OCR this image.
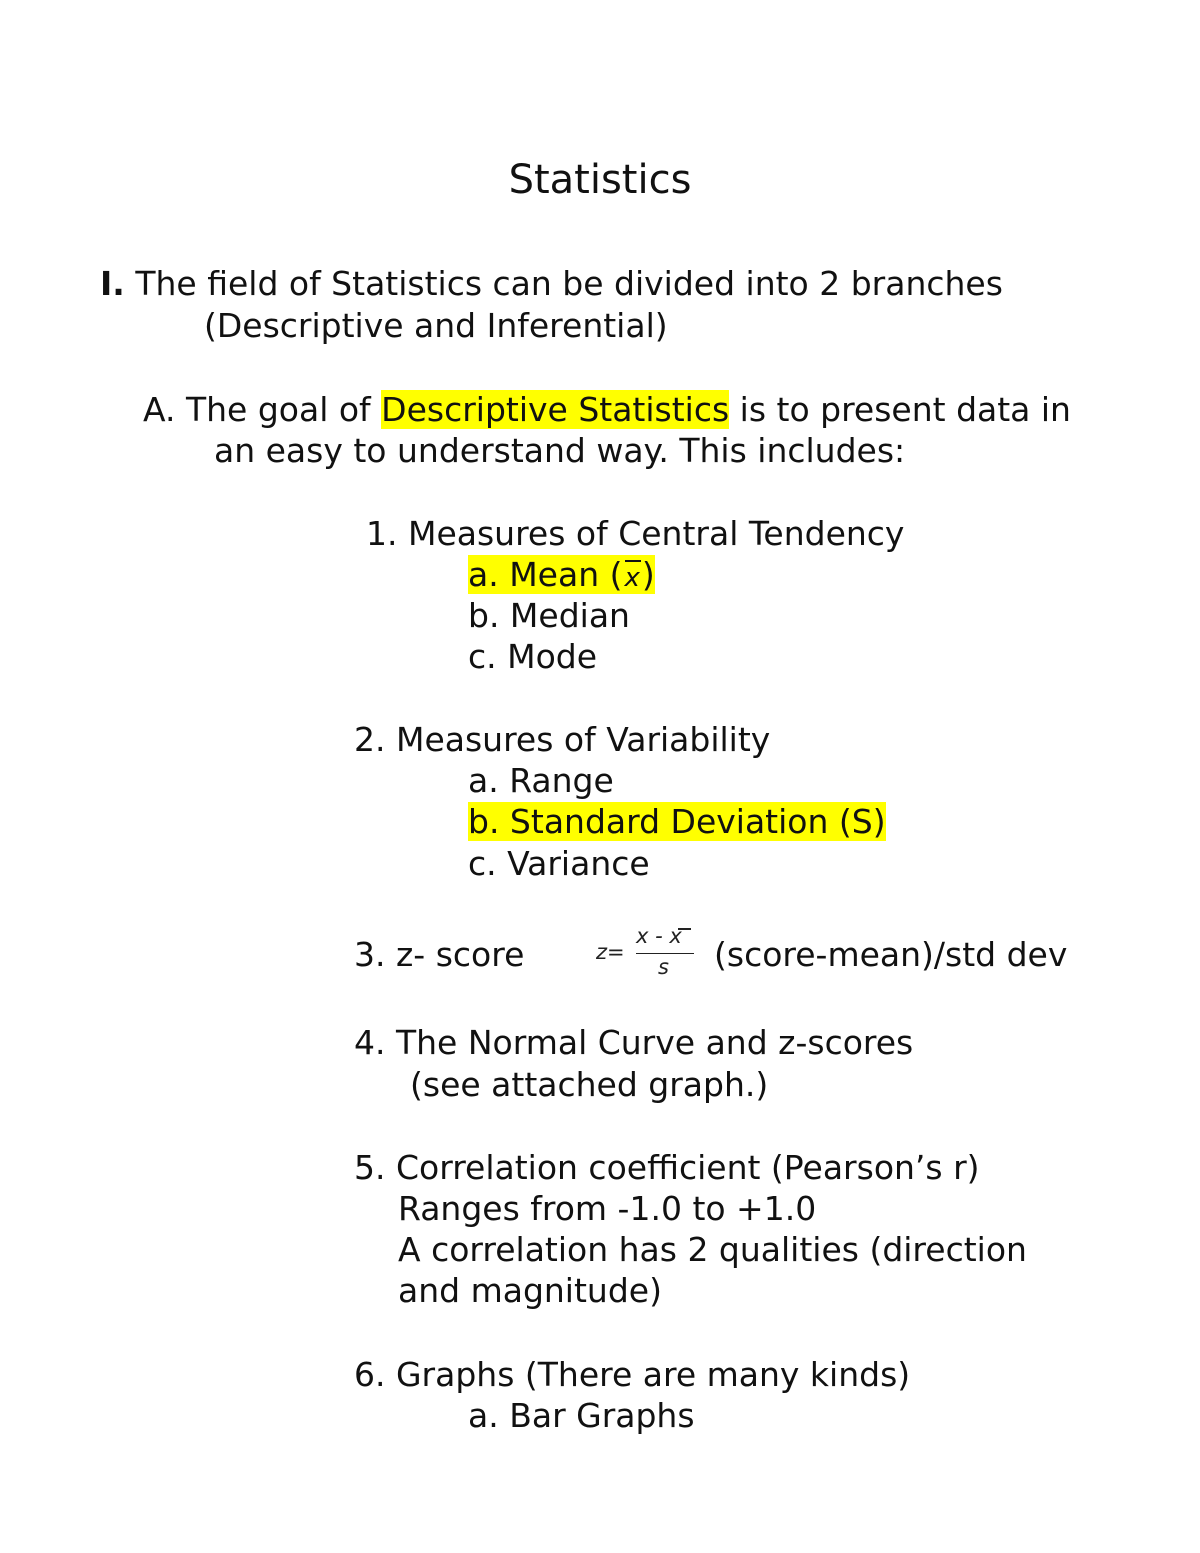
Statistics
I. The field of Statistics can be divided into 2 branches
(Descriptive and Inferential)
A. The goal of Descriptive Statistics is to present data in
an easy to understand way. This includes:
1. Measures of Central Tendency
a. Mean (x)
b. Median
c. Mode
2. Measures of Variability
a. Range
b. Standard Deviation (S)
c. Variance
3. z- score	z=
x - x
s (score-mean)/std dev
4. The Normal Curve and z-scores
(see attached graph.)
5. Correlation coefficient (Pearson’s r)
Ranges from -1.0 to +1.0
A correlation has 2 qualities (direction
and magnitude)
6. Graphs (There are many kinds)
a. Bar Graphs
